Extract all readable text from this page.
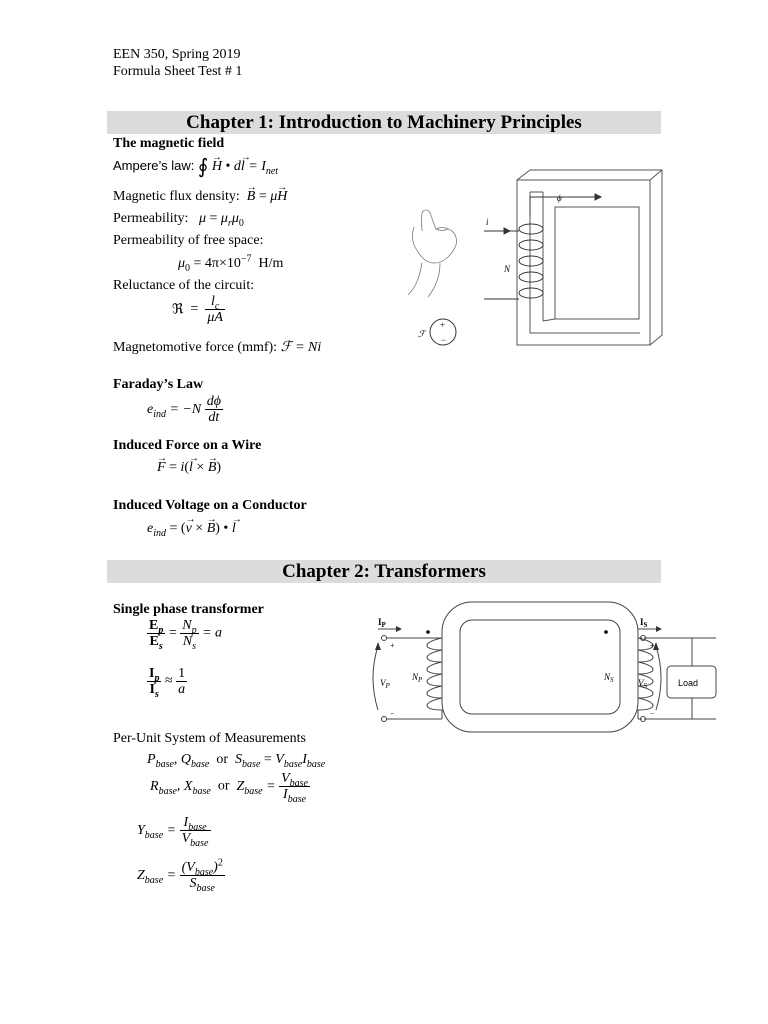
EEN 350, Spring 2019
Formula Sheet Test # 1
Chapter 1: Introduction to Machinery Principles
The magnetic field
Ampere’s law: ∮ → H • $d\to l = I_{net}$
Magnetic flux density: → B = μ→ H
Permeability: $\mu = \mu_r\mu_0$
Permeability of free space:
$\mu_0 = 4\pi\times 10^{-7}$ H/m
Reluctance of the circuit:
ℜ  = $\frac{l_c}{\mu A}$
Magnetomotive force (mmf): ℱ = Ni
Faraday’s Law
$e_{ind} = -N \frac{d\phi}{dt}$
Induced Force on a Wire
→ F = i(→ l × → B)
Induced Voltage on a Conductor
$e_{ind}$ = (→ v × → B) • → l
ϕ
i
N
ℱ
+
−
Chapter 2: Transformers
Single phase transformer
$\frac{E_p}{E_s} = \frac{N_p}{N_s} = a$
$\frac{I_p}{I_s} \approx \frac{1}{a}$
Per-Unit System of Measurements
$P_{base}$, $Q_{base}$ or $S_{base} = V_{base}I_{base}$
$R_{base}$, $X_{base}$ or $Z_{base} = \frac{V_{base}}{I_{base}}$
$Y_{base} = \frac{I_{base}}{V_{base}}$
$Z_{base} = \frac{(V_{base})^2}{S_{base}}$
Load
$I_P$	$I_S$
+
−
+
−
$V_P$
$N_P$	$N_S$	$V_S$
